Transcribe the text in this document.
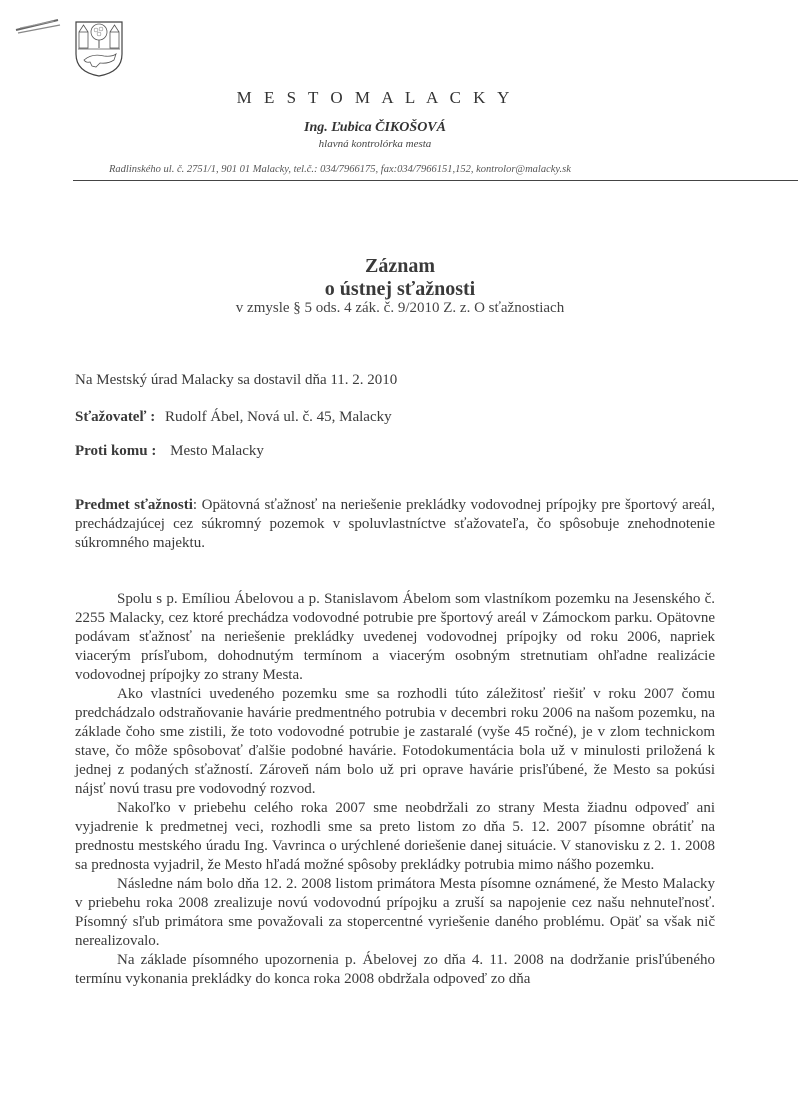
M E S T O M A L A C K Y
Ing. Ľubica ČIKOŠOVÁ
hlavná kontrolórka mesta
Radlinského ul. č. 2751/1, 901 01 Malacky, tel.č.: 034/7966175, fax:034/7966151,152, kontrolor@malacky.sk
Záznam
o ústnej sťažnosti
v zmysle § 5 ods. 4 zák. č. 9/2010 Z. z. O sťažnostiach
Na Mestský úrad Malacky sa dostavil dňa 11. 2. 2010
Sťažovateľ : Rudolf Ábel, Nová ul. č. 45, Malacky
Proti komu : Mesto Malacky

Predmet sťažnosti: Opätovná sťažnosť na neriešenie prekládky vodovodnej prípojky pre športový areál, prechádzajúcej cez súkromný pozemok v spoluvlastníctve sťažovateľa, čo spôsobuje znehodnotenie súkromného majektu.

Spolu s p. Emíliou Ábelovou a p. Stanislavom Ábelom som vlastníkom pozemku na Jesenského č. 2255 Malacky, cez ktoré prechádza vodovodné potrubie pre športový areál v Zámockom parku. Opätovne podávam sťažnosť na neriešenie prekládky uvedenej vodovodnej prípojky od roku 2006, napriek viacerým prísľubom, dohodnutým termínom a viacerým osobným stretnutiam ohľadne realizácie vodovodnej prípojky zo strany Mesta.

Ako vlastníci uvedeného pozemku sme sa rozhodli túto záležitosť riešiť v roku 2007 čomu predchádzalo odstraňovanie havárie predmentného potrubia v decembri roku 2006 na našom pozemku, na základe čoho sme zistili, že toto vodovodné potrubie je zastaralé (vyše 45 ročné), je v zlom technickom stave, čo môže spôsobovať ďalšie podobné havárie. Fotodokumentácia bola už v minulosti priložená k jednej z podaných sťažností. Zároveň nám bolo už pri oprave havárie prisľúbené, že Mesto sa pokúsi nájsť novú trasu pre vodovodný rozvod.

Nakoľko v priebehu celého roka 2007 sme neobdržali zo strany Mesta žiadnu odpoveď ani vyjadrenie k predmetnej veci, rozhodli sme sa preto listom zo dňa 5. 12. 2007 písomne obrátiť na prednostu mestského úradu Ing. Vavrinca o urýchlené doriešenie danej situácie. V stanovisku z 2. 1. 2008 sa prednosta vyjadril, že Mesto hľadá možné spôsoby prekládky potrubia mimo nášho pozemku.

Následne nám bolo dňa 12. 2. 2008 listom primátora Mesta písomne oznámené, že Mesto Malacky v priebehu roka 2008 zrealizuje novú vodovodnú prípojku a zruší sa napojenie cez našu nehnuteľnosť. Písomný sľub primátora sme považovali za stopercentné vyriešenie daného problému. Opäť sa však nič nerealizovalo.

Na základe písomného upozornenia p. Ábelovej zo dňa 4. 11. 2008 na dodržanie prisľúbeného termínu vykonania prekládky do konca roka 2008 obdržala odpoveď zo dňa
